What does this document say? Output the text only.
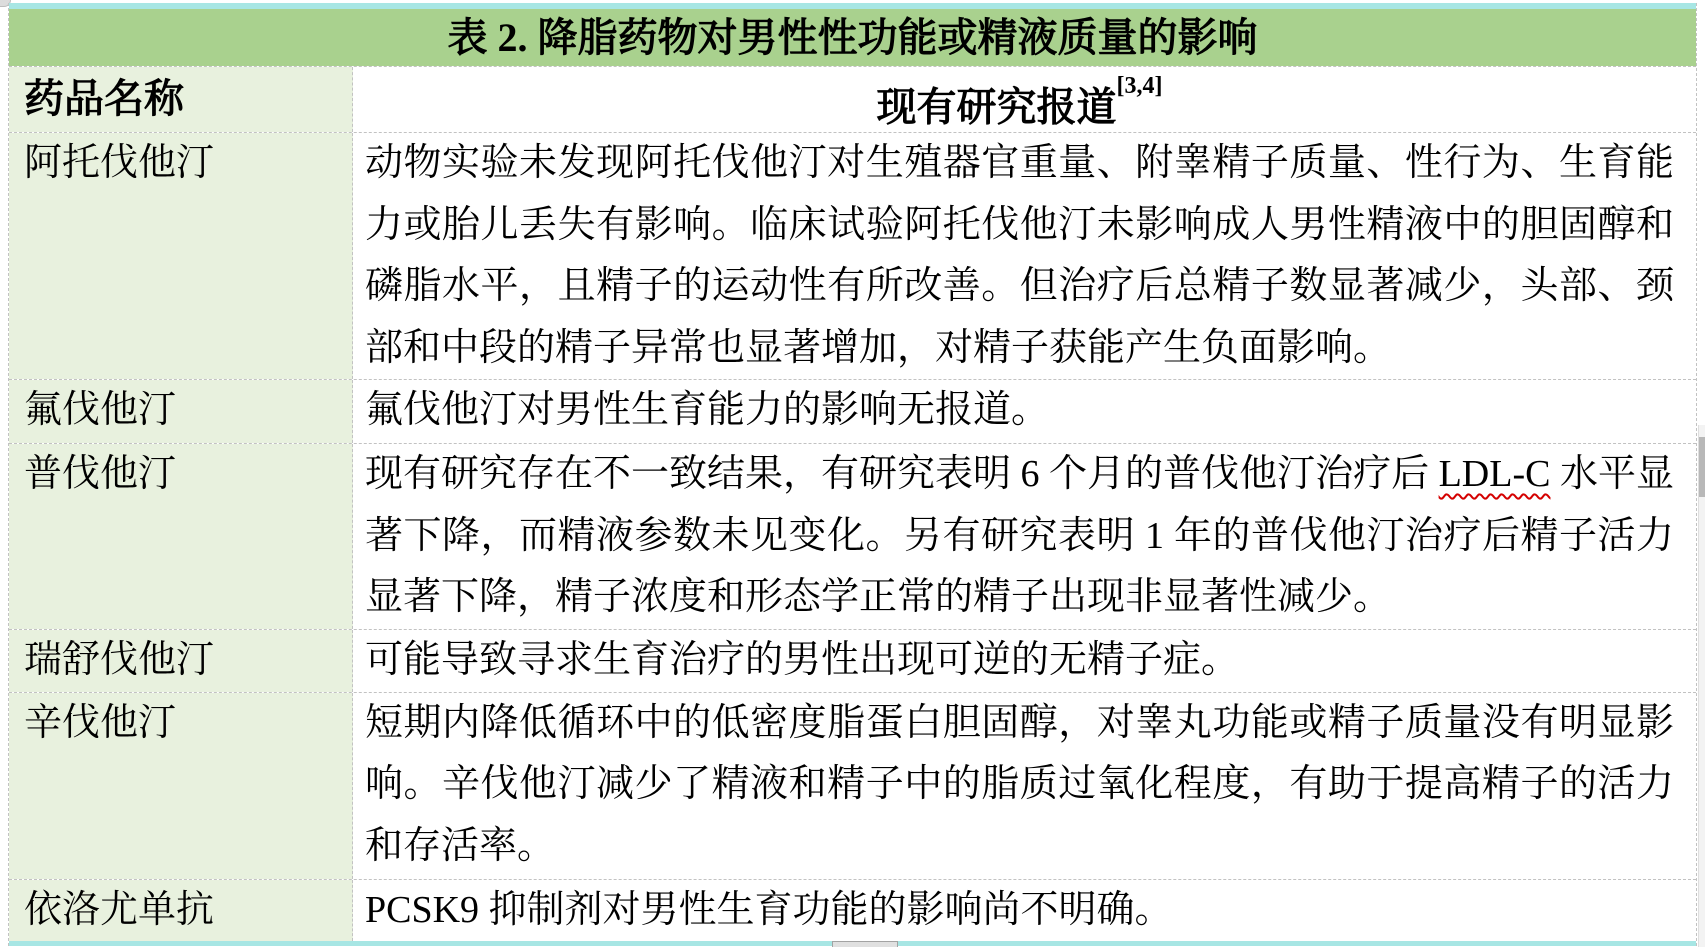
表 2. 降脂药物对男性性功能或精液质量的影响
药品名称	现有研究报道[3,4]
阿托伐他汀	动物实验未发现阿托伐他汀对生殖器官重量、附睾精子质量、性行为、生育能力或胎儿丢失有影响。临床试验阿托伐他汀未影响成人男性精液中的胆固醇和磷脂水平，且精子的运动性有所改善。但治疗后总精子数显著减少，头部、颈部和中段的精子异常也显著增加，对精子获能产生负面影响。
氟伐他汀	氟伐他汀对男性生育能力的影响无报道。
普伐他汀	现有研究存在不一致结果，有研究表明 6 个月的普伐他汀治疗后 LDL-C 水平显著下降，而精液参数未见变化。另有研究表明 1 年的普伐他汀治疗后精子活力显著下降，精子浓度和形态学正常的精子出现非显著性减少。
瑞舒伐他汀	可能导致寻求生育治疗的男性出现可逆的无精子症。
辛伐他汀	短期内降低循环中的低密度脂蛋白胆固醇，对睾丸功能或精子质量没有明显影响。辛伐他汀减少了精液和精子中的脂质过氧化程度，有助于提高精子的活力和存活率。
依洛尤单抗	PCSK9 抑制剂对男性生育功能的影响尚不明确。
